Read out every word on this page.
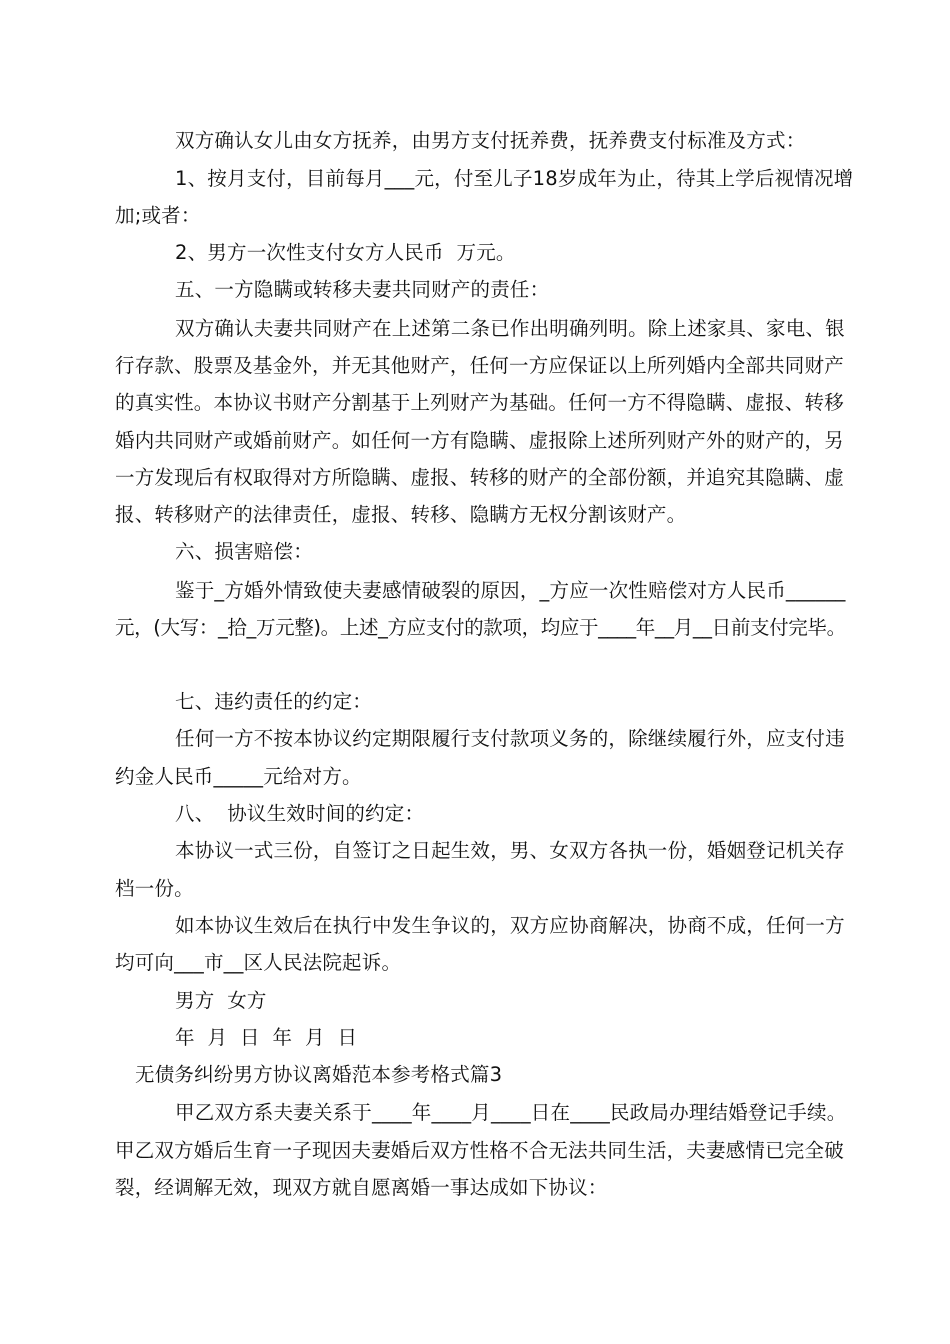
双方确认女儿由女方抚养，由男方支付抚养费，抚养费支付标准及方式：
1、按月支付，目前每月___元，付至儿子18岁成年为止，待其上学后视情况增
加;或者：
2、男方一次性支付女方人民币  万元。
五、一方隐瞒或转移夫妻共同财产的责任：
双方确认夫妻共同财产在上述第二条已作出明确列明。除上述家具、家电、银
行存款、股票及基金外，并无其他财产，任何一方应保证以上所列婚内全部共同财产
的真实性。本协议书财产分割基于上列财产为基础。任何一方不得隐瞒、虚报、转移
婚内共同财产或婚前财产。如任何一方有隐瞒、虚报除上述所列财产外的财产的，另
一方发现后有权取得对方所隐瞒、虚报、转移的财产的全部份额，并追究其隐瞒、虚
报、转移财产的法律责任，虚报、转移、隐瞒方无权分割该财产。
六、损害赔偿：
鉴于_方婚外情致使夫妻感情破裂的原因，_方应一次性赔偿对方人民币______
元，(大写：_拾_万元整)。上述_方应支付的款项，均应于____年__月__日前支付完毕。
七、违约责任的约定：
任何一方不按本协议约定期限履行支付款项义务的，除继续履行外，应支付违
约金人民币_____元给对方。
八、  协议生效时间的约定：
本协议一式三份，自签订之日起生效，男、女双方各执一份，婚姻登记机关存
档一份。
如本协议生效后在执行中发生争议的，双方应协商解决，协商不成，任何一方
均可向___市__区人民法院起诉。
男方  女方
年  月  日  年  月  日
无债务纠纷男方协议离婚范本参考格式篇3
甲乙双方系夫妻关系于____年____月____日在____民政局办理结婚登记手续。
甲乙双方婚后生育一子现因夫妻婚后双方性格不合无法共同生活，夫妻感情已完全破
裂，经调解无效，现双方就自愿离婚一事达成如下协议：
